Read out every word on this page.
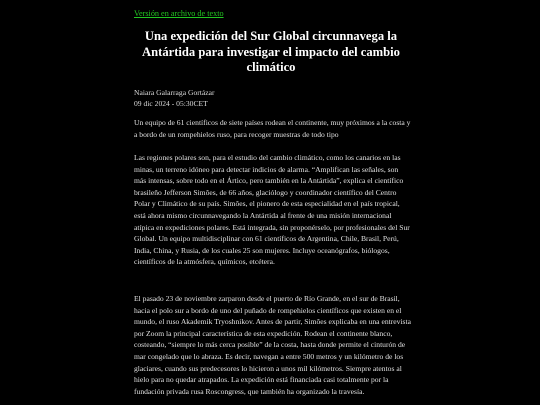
Versión en archivo de texto
Una expedición del Sur Global circunnavega la Antártida para investigar el impacto del cambio climático
Naiara Galarraga Gortázar
09 dic 2024 - 05:30CET

Un equipo de 61 científicos de siete países rodean el continente, muy próximos a la costa y a bordo de un rompehielos ruso, para recoger muestras de todo tipo

Las regiones polares son, para el estudio del cambio climático, como los canarios en las minas, un terreno idóneo para detectar indicios de alarma. “Amplifican las señales, son más intensas, sobre todo en el Ártico, pero también en la Antártida”, explica el científico brasileño Jefferson Simões, de 66 años, glaciólogo y coordinador científico del Centro Polar y Climático de su país. Simões, el pionero de esta especialidad en el país tropical, está ahora mismo circunnavegando la Antártida al frente de una misión internacional atípica en expediciones polares. Está integrada, sin proponérselo, por profesionales del Sur Global. Un equipo multidisciplinar con 61 científicos de Argentina, Chile, Brasil, Perú, India, China, y Rusia, de los cuales 25 son mujeres. Incluye oceanógrafos, biólogos, científicos de la atmósfera, químicos, etcétera.

El pasado 23 de noviembre zarparon desde el puerto de Río Grande, en el sur de Brasil, hacia el polo sur a bordo de uno del puñado de rompehielos científicos que existen en el mundo, el ruso Akademik Tryoshnikov. Antes de partir, Simões explicaba en una entrevista por Zoom la principal característica de esta expedición. Rodean el continente blanco, costeando, “siempre lo más cerca posible” de la costa, hasta donde permite el cinturón de mar congelado que lo abraza. Es decir, navegan a entre 500 metros y un kilómetro de los glaciares, cuando sus predecesores lo hicieron a unos mil kilómetros. Siempre atentos al hielo para no quedar atrapados. La expedición está financiada casi totalmente por la fundación privada rusa Roscongress, que también ha organizado la travesía.
